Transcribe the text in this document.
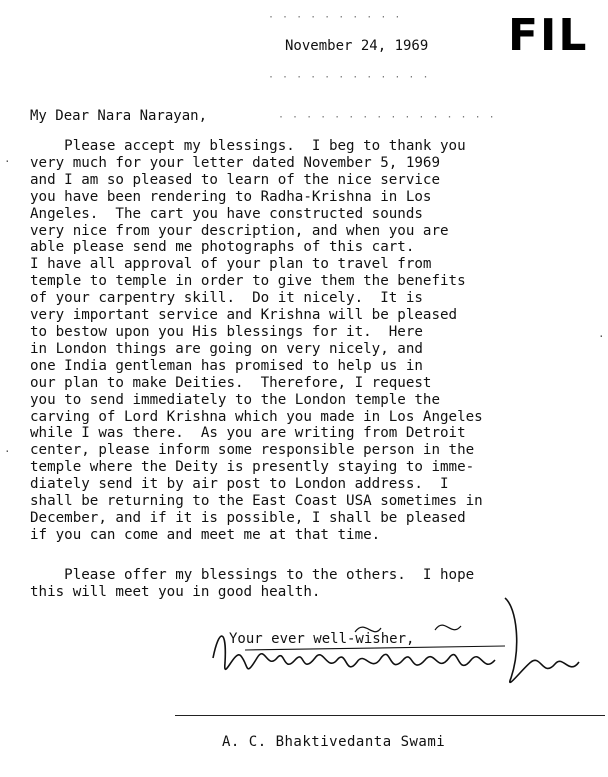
· · · · · · · · · ·
· · · · · · · · · · · ·
· · · · · · · · · · · · · · · ·
·
·
·
FIL
November 24, 1969
My Dear Nara Narayan,

Please accept my blessings.  I beg to thank you

very much for your letter dated November 5, 1969

and I am so pleased to learn of the nice service

you have been rendering to Radha-Krishna in Los

Angeles.  The cart you have constructed sounds

very nice from your description, and when you are

able please send me photographs of this cart.

I have all approval of your plan to travel from

temple to temple in order to give them the benefits

of your carpentry skill.  Do it nicely.  It is

very important service and Krishna will be pleased

to bestow upon you His blessings for it.  Here

in London things are going on very nicely, and

one India gentleman has promised to help us in

our plan to make Deities.  Therefore, I request

you to send immediately to the London temple the

carving of Lord Krishna which you made in Los Angeles

while I was there.  As you are writing from Detroit

center, please inform some responsible person in the

temple where the Deity is presently staying to imme-

diately send it by air post to London address.  I

shall be returning to the East Coast USA sometimes in

December, and if it is possible, I shall be pleased

if you can come and meet me at that time.

Please offer my blessings to the others.  I hope

this will meet you in good health.

Your ever well-wisher,
A. C. Bhaktivedanta Swami
